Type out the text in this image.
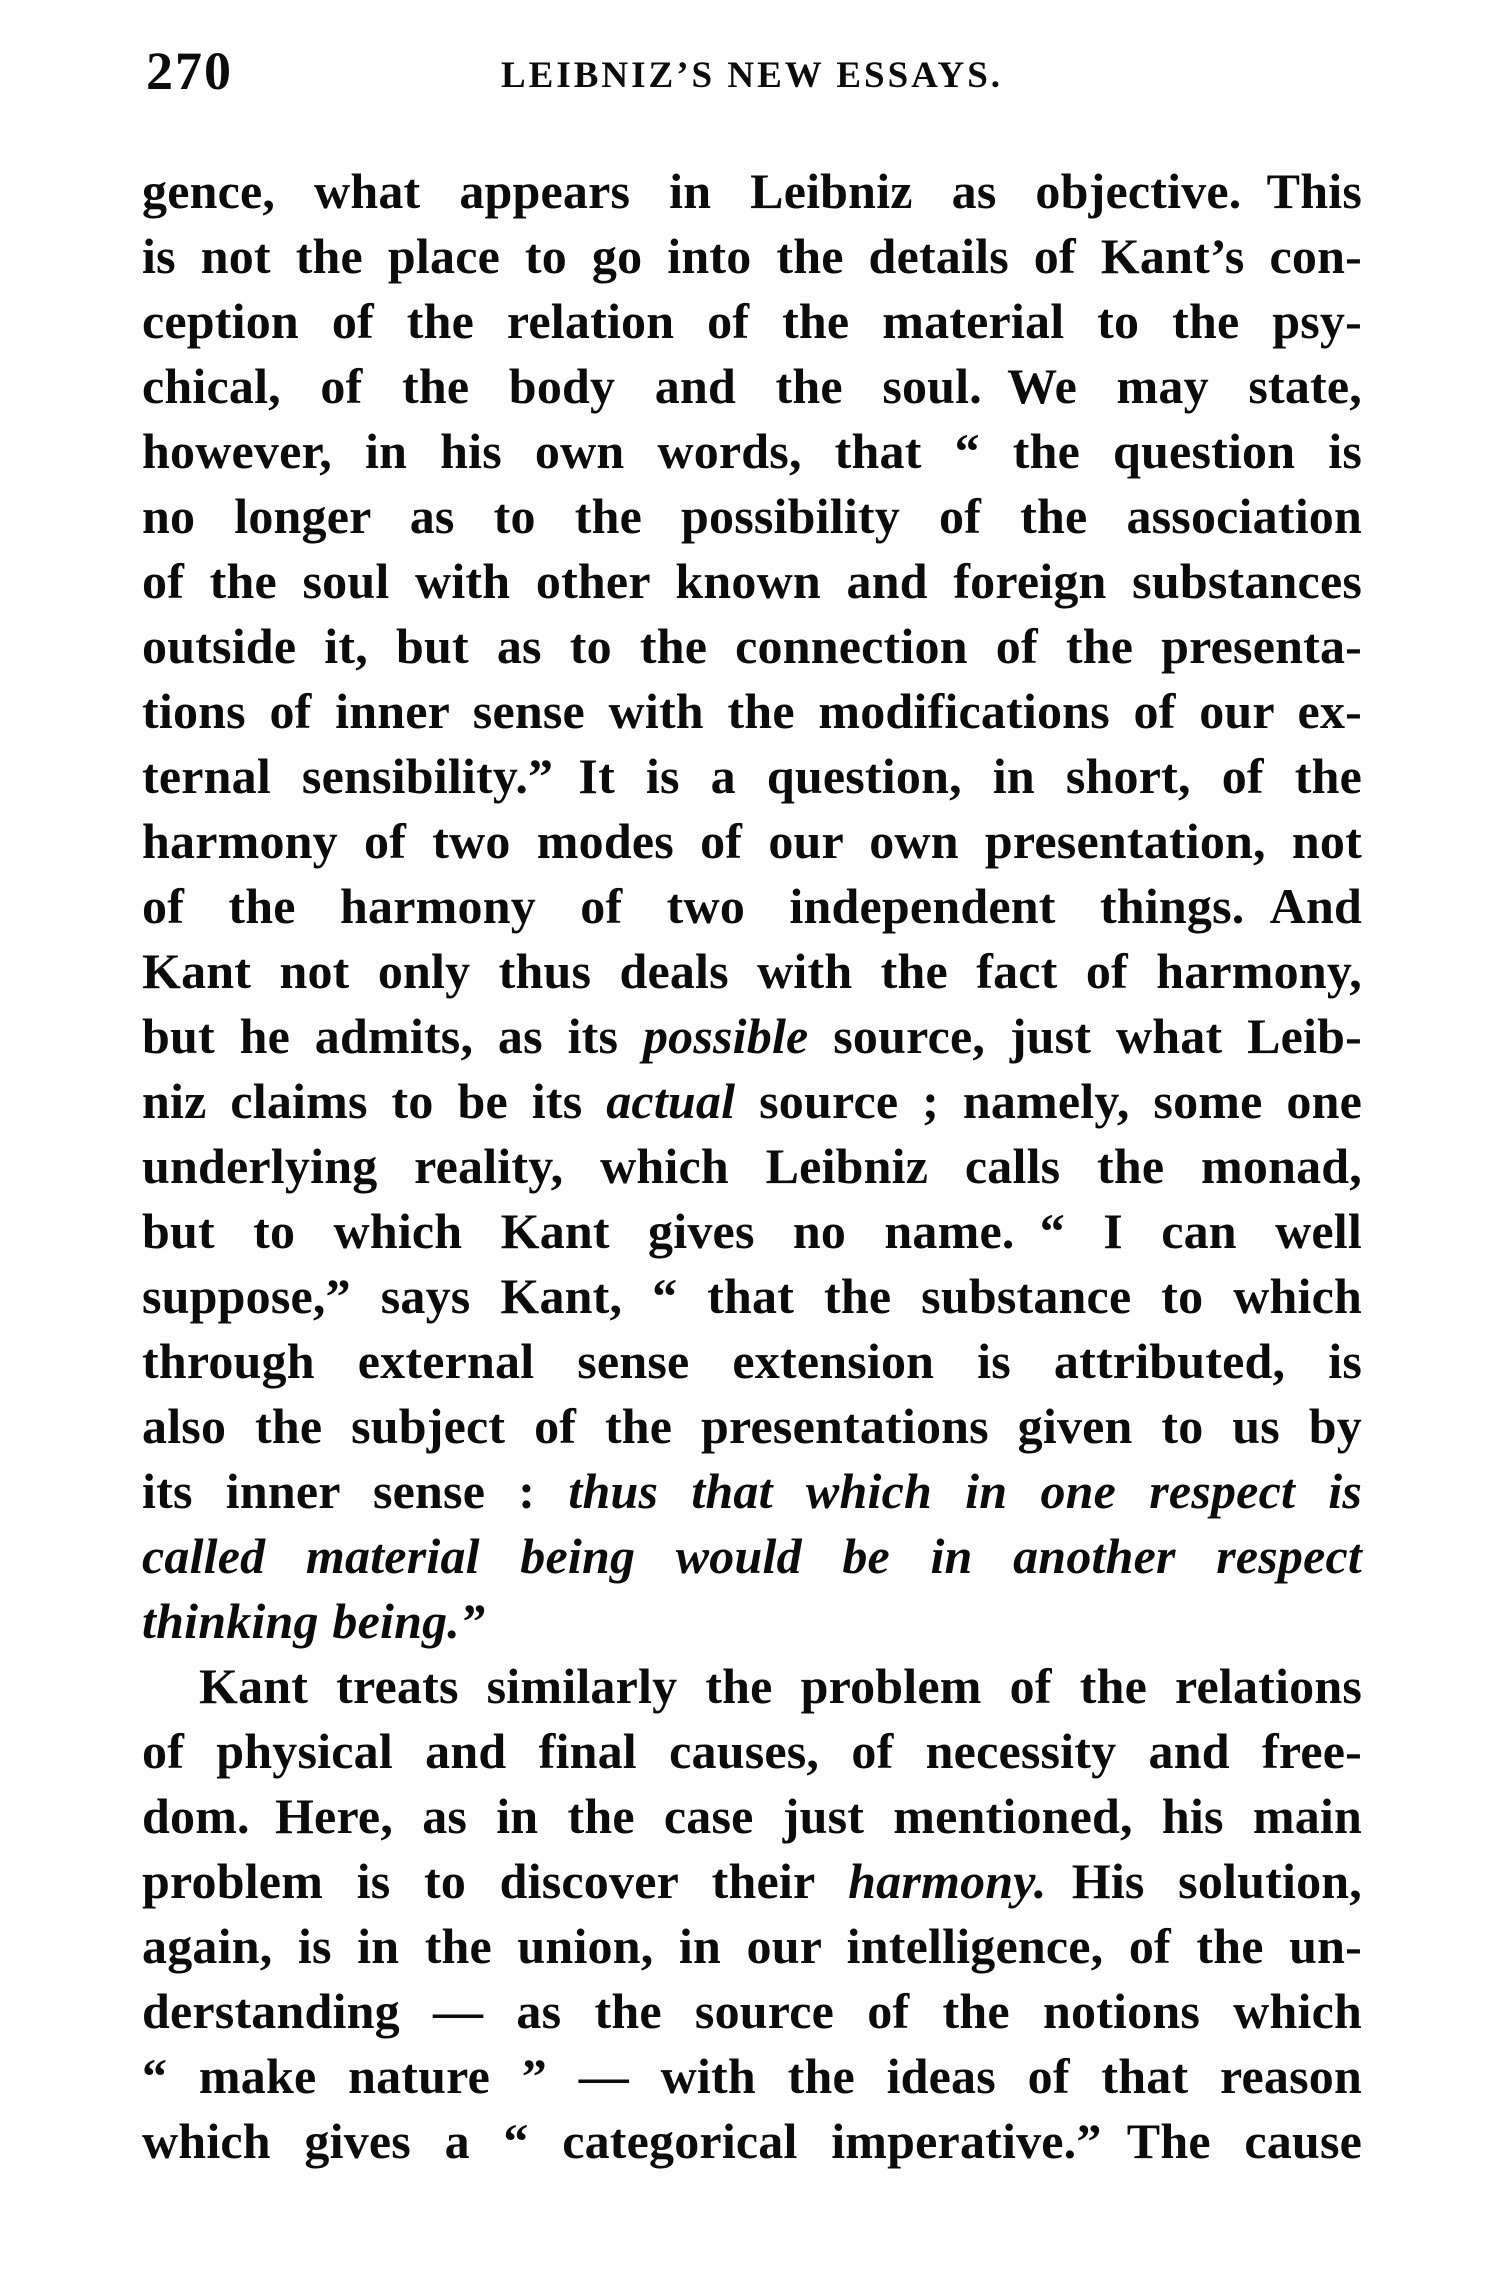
270	LEIBNIZ’S NEW ESSAYS.
gence, what appears in Leibniz as objective. This
is not the place to go into the details of Kant’s con-
ception of the relation of the material to the psy-
chical, of the body and the soul. We may state,
however, in his own words, that “ the question is
no longer as to the possibility of the association
of the soul with other known and foreign substances
outside it, but as to the connection of the presenta-
tions of inner sense with the modifications of our ex-
ternal sensibility.” It is a question, in short, of the
harmony of two modes of our own presentation, not
of the harmony of two independent things. And
Kant not only thus deals with the fact of harmony,
but he admits, as its possible source, just what Leib-
niz claims to be its actual source ; namely, some one
underlying reality, which Leibniz calls the monad,
but to which Kant gives no name. “ I can well
suppose,” says Kant, “ that the substance to which
through external sense extension is attributed, is
also the subject of the presentations given to us by
its inner sense : thus that which in one respect is
called material being would be in another respect
thinking being.”
Kant treats similarly the problem of the relations
of physical and final causes, of necessity and free-
dom. Here, as in the case just mentioned, his main
problem is to discover their harmony. His solution,
again, is in the union, in our intelligence, of the un-
derstanding — as the source of the notions which
“ make nature ” — with the ideas of that reason
which gives a “ categorical imperative.” The cause
